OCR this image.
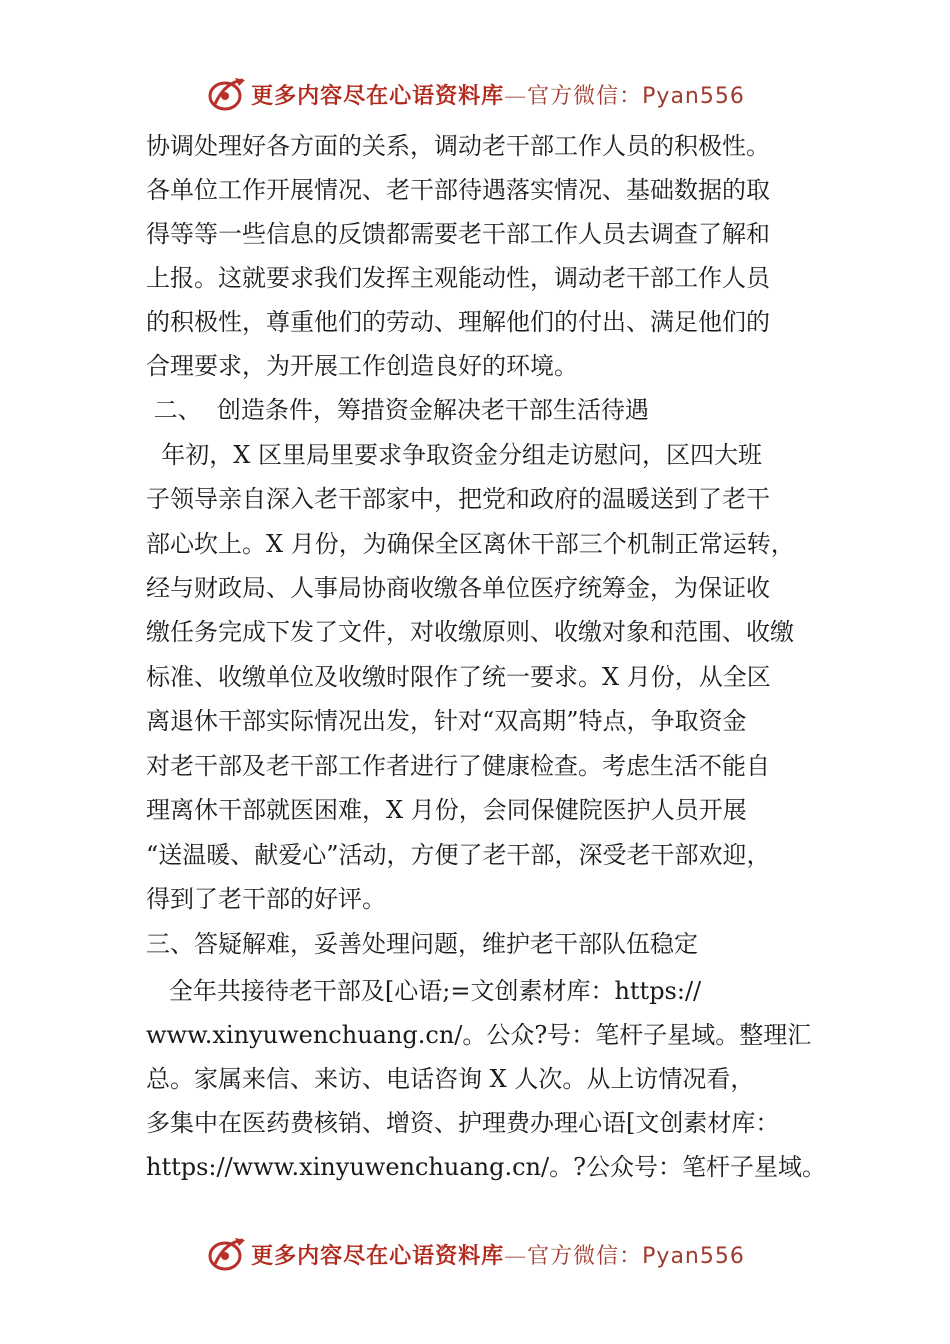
更多内容尽在心语资料库—官方微信：Pyan556
协调处理好各方面的关系，调动老干部工作人员的积极性。
各单位工作开展情况、老干部待遇落实情况、基础数据的取
得等等一些信息的反馈都需要老干部工作人员去调查了解和
上报。这就要求我们发挥主观能动性，调动老干部工作人员
的积极性，尊重他们的劳动、理解他们的付出、满足他们的
合理要求，为开展工作创造良好的环境。
二、  创造条件，筹措资金解决老干部生活待遇
年初，X 区里局里要求争取资金分组走访慰问，区四大班
子领导亲自深入老干部家中，把党和政府的温暖送到了老干
部心坎上。X 月份，为确保全区离休干部三个机制正常运转，
经与财政局、人事局协商收缴各单位医疗统筹金，为保证收
缴任务完成下发了文件，对收缴原则、收缴对象和范围、收缴
标准、收缴单位及收缴时限作了统一要求。X 月份，从全区
离退休干部实际情况出发，针对“双高期”特点，争取资金
对老干部及老干部工作者进行了健康检查。考虑生活不能自
理离休干部就医困难，X 月份，会同保健院医护人员开展
“送温暖、献爱心”活动，方便了老干部，深受老干部欢迎，
得到了老干部的好评。
三、答疑解难，妥善处理问题，维护老干部队伍稳定
全年共接待老干部及[心语;=文创素材库：https://
www.xinyuwenchuang.cn/。公众?号：笔杆子星域。整理汇
总。家属来信、来访、电话咨询 X 人次。从上访情况看，
多集中在医药费核销、增资、护理费办理心语[文创素材库：
https://www.xinyuwenchuang.cn/。?公众号：笔杆子星域。
更多内容尽在心语资料库—官方微信：Pyan556
